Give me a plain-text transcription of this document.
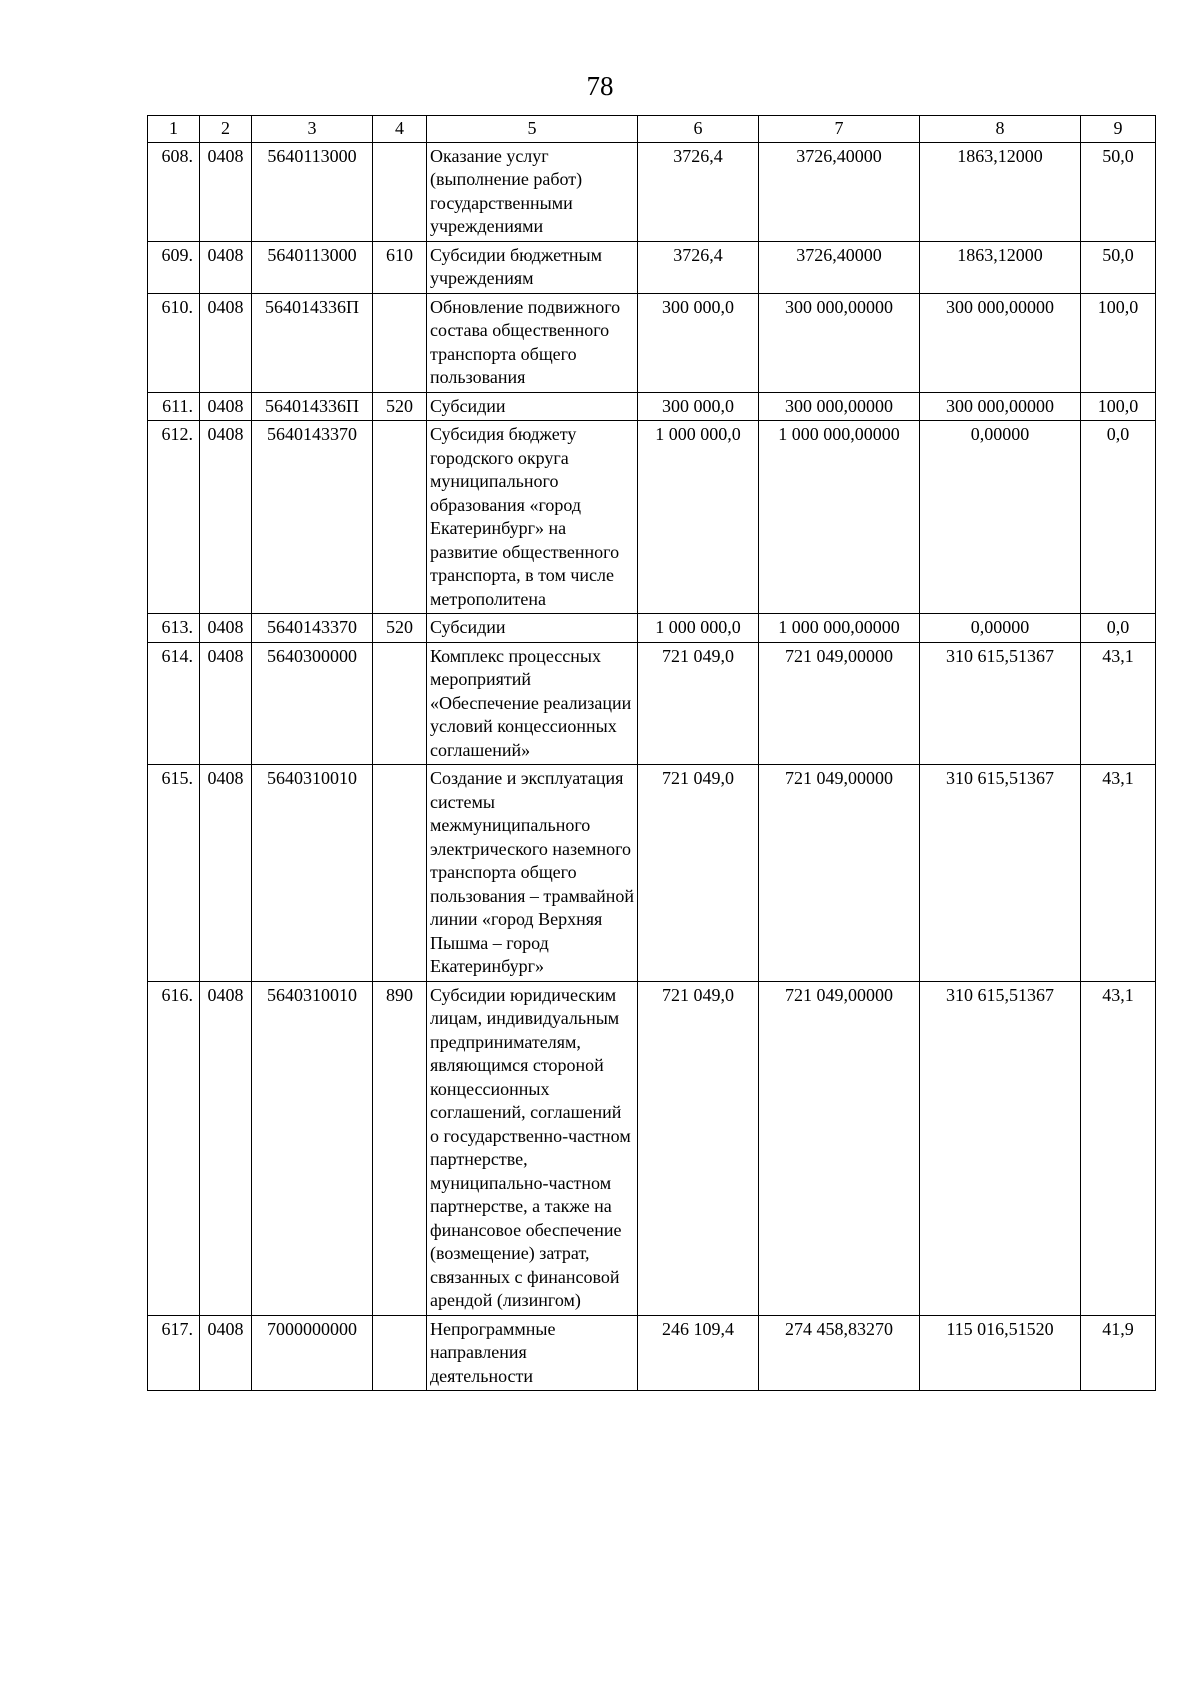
78
1	2	3	4	5	6	7	8	9
608.	0408	5640113000		Оказание услуг (выполнение работ) государственными учреждениями	3726,4	3726,40000	1863,12000	50,0
609.	0408	5640113000	610	Субсидии бюджетным учреждениям	3726,4	3726,40000	1863,12000	50,0
610.	0408	564014336П		Обновление подвижного состава общественного транспорта общего пользования	300 000,0	300 000,00000	300 000,00000	100,0
611.	0408	564014336П	520	Субсидии	300 000,0	300 000,00000	300 000,00000	100,0
612.	0408	5640143370		Субсидия бюджету городского округа муниципального образования «город Екатеринбург» на развитие общественного транспорта, в том числе метрополитена	1 000 000,0	1 000 000,00000	0,00000	0,0
613.	0408	5640143370	520	Субсидии	1 000 000,0	1 000 000,00000	0,00000	0,0
614.	0408	5640300000		Комплекс процессных мероприятий «Обеспечение реализации условий концессионных соглашений»	721 049,0	721 049,00000	310 615,51367	43,1
615.	0408	5640310010		Создание и эксплуатация системы межмуниципального электрического наземного транспорта общего пользования – трамвайной линии «город Верхняя Пышма – город Екатеринбург»	721 049,0	721 049,00000	310 615,51367	43,1
616.	0408	5640310010	890	Субсидии юридическим лицам, индивидуальным предпринимателям, являющимся стороной концессионных соглашений, соглашений о государственно-частном партнерстве, муниципально-частном партнерстве, а также на финансовое обеспечение (возмещение) затрат, связанных с финансовой арендой (лизингом)	721 049,0	721 049,00000	310 615,51367	43,1
617.	0408	7000000000		Непрограммные направления деятельности	246 109,4	274 458,83270	115 016,51520	41,9
